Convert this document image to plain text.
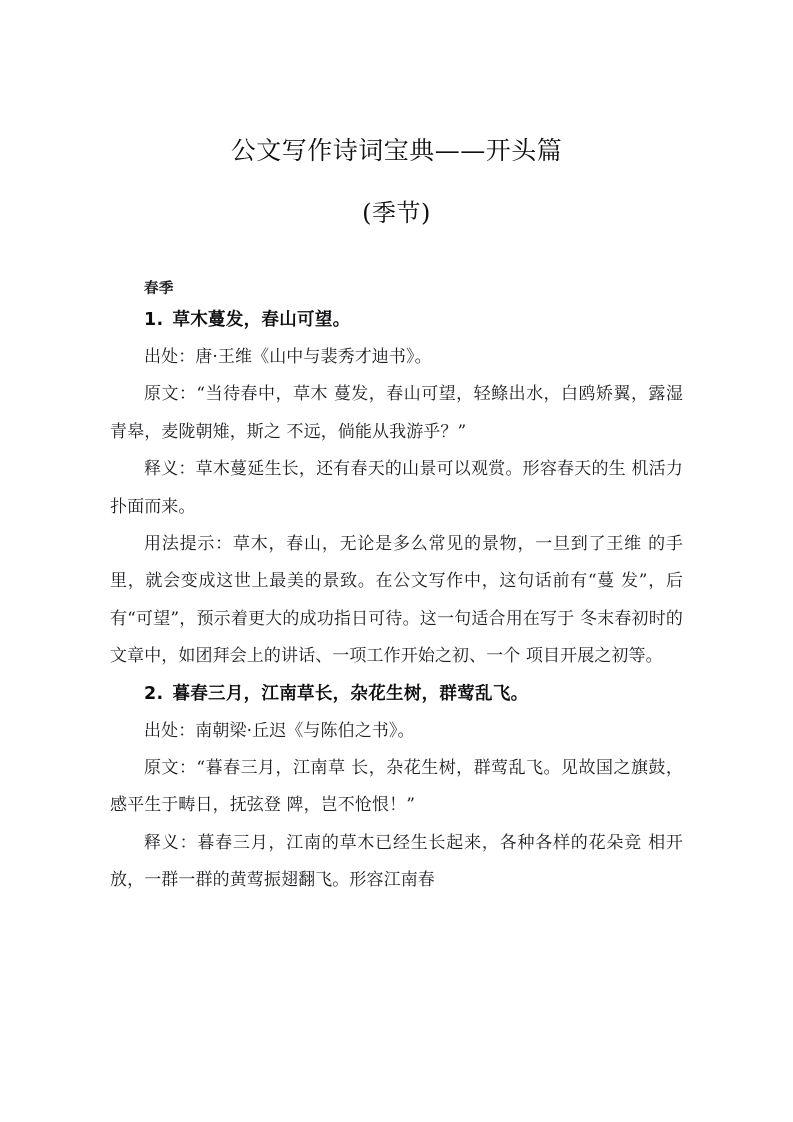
公文写作诗词宝典——开头篇
(季节)
春季
1. 草木蔓发，春山可望。
出处：唐·王维《山中与裴秀才迪书》。
原文：“当待春中，草木 蔓发，春山可望，轻鲦出水，白鸥矫翼，露湿青皋，麦陇朝雉，斯之 不远，倘能从我游乎？”
释义：草木蔓延生长，还有春天的山景可以观赏。形容春天的生 机活力扑面而来。
用法提示：草木，春山，无论是多么常见的景物，一旦到了王维 的手里，就会变成这世上最美的景致。在公文写作中，这句话前有“蔓 发”，后有“可望”，预示着更大的成功指日可待。这一句适合用在写于 冬末春初时的文章中，如团拜会上的讲话、一项工作开始之初、一个 项目开展之初等。
2. 暮春三月，江南草长，杂花生树，群莺乱飞。
出处：南朝梁·丘迟《与陈伯之书》。
原文：“暮春三月，江南草 长，杂花生树，群莺乱飞。见故国之旗鼓，感平生于畴日，抚弦登 陴，岂不怆恨！”
释义：暮春三月，江南的草木已经生长起来，各种各样的花朵竞 相开放，一群一群的黄莺振翅翻飞。形容江南春
